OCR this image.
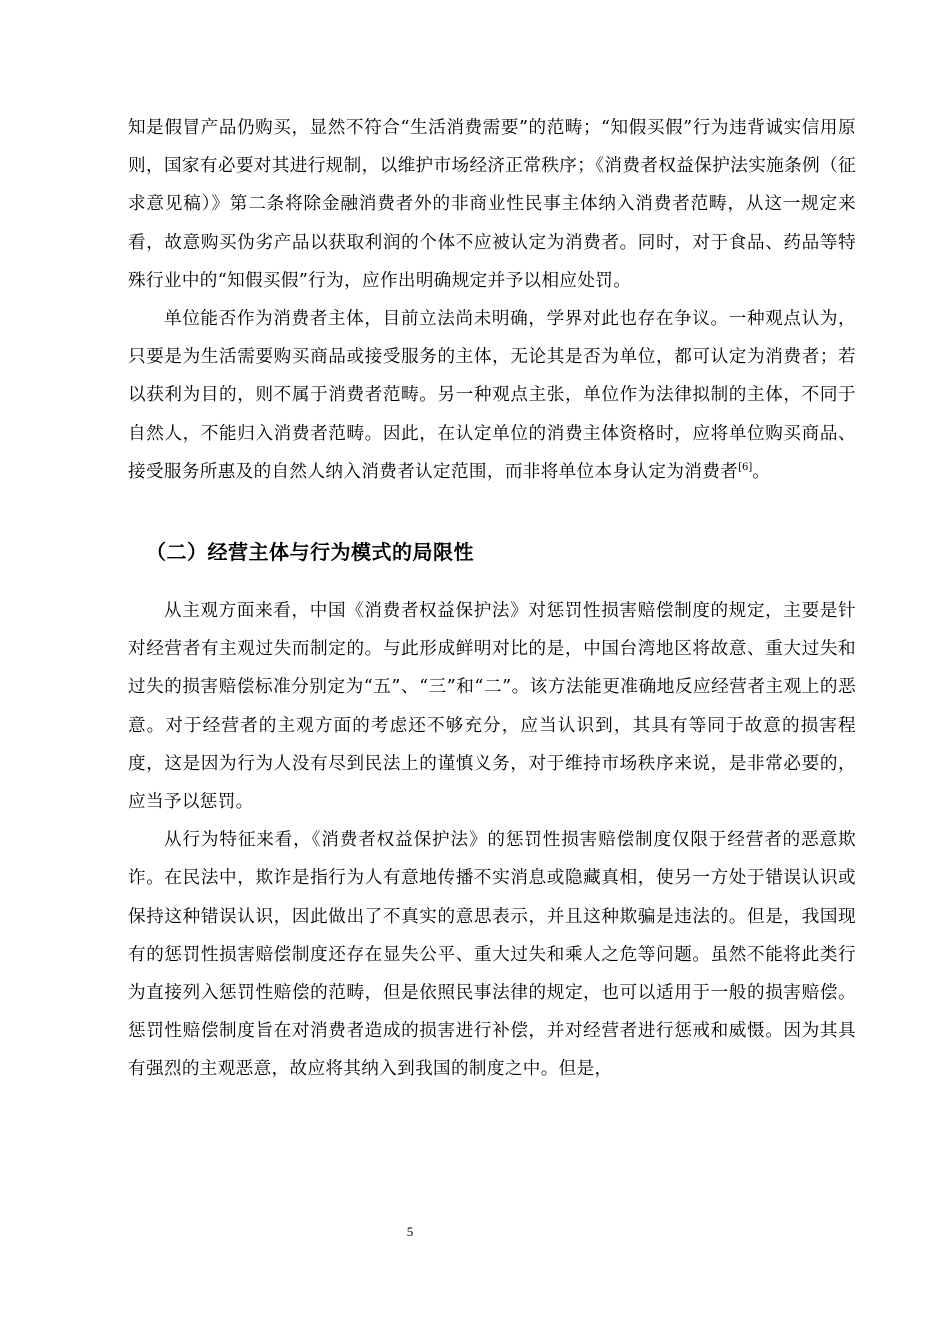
知是假冒产品仍购买，显然不符合“生活消费需要”的范畴；“知假买假”行为违背诚实信用原则，国家有必要对其进行规制，以维护市场经济正常秩序；《消费者权益保护法实施条例（征求意见稿）》第二条将除金融消费者外的非商业性民事主体纳入消费者范畴，从这一规定来看，故意购买伪劣产品以获取利润的个体不应被认定为消费者。同时，对于食品、药品等特殊行业中的“知假买假”行为，应作出明确规定并予以相应处罚。

单位能否作为消费者主体，目前立法尚未明确，学界对此也存在争议。一种观点认为，只要是为生活需要购买商品或接受服务的主体，无论其是否为单位，都可认定为消费者；若以获利为目的，则不属于消费者范畴。另一种观点主张，单位作为法律拟制的主体，不同于自然人，不能归入消费者范畴。因此，在认定单位的消费主体资格时，应将单位购买商品、接受服务所惠及的自然人纳入消费者认定范围，而非将单位本身认定为消费者[6]。

（二）经营主体与行为模式的局限性

从主观方面来看，中国《消费者权益保护法》对惩罚性损害赔偿制度的规定，主要是针对经营者有主观过失而制定的。与此形成鲜明对比的是，中国台湾地区将故意、重大过失和过失的损害赔偿标准分别定为“五”、“三”和“二”。该方法能更准确地反应经营者主观上的恶意。对于经营者的主观方面的考虑还不够充分，应当认识到，其具有等同于故意的损害程度，这是因为行为人没有尽到民法上的谨慎义务，对于维持市场秩序来说，是非常必要的，应当予以惩罚。

从行为特征来看，《消费者权益保护法》的惩罚性损害赔偿制度仅限于经营者的恶意欺诈。在民法中，欺诈是指行为人有意地传播不实消息或隐藏真相，使另一方处于错误认识或保持这种错误认识，因此做出了不真实的意思表示，并且这种欺骗是违法的。但是，我国现有的惩罚性损害赔偿制度还存在显失公平、重大过失和乘人之危等问题。虽然不能将此类行为直接列入惩罚性赔偿的范畴，但是依照民事法律的规定，也可以适用于一般的损害赔偿。惩罚性赔偿制度旨在对消费者造成的损害进行补偿，并对经营者进行惩戒和威慑。因为其具有强烈的主观恶意，故应将其纳入到我国的制度之中。但是，

5
